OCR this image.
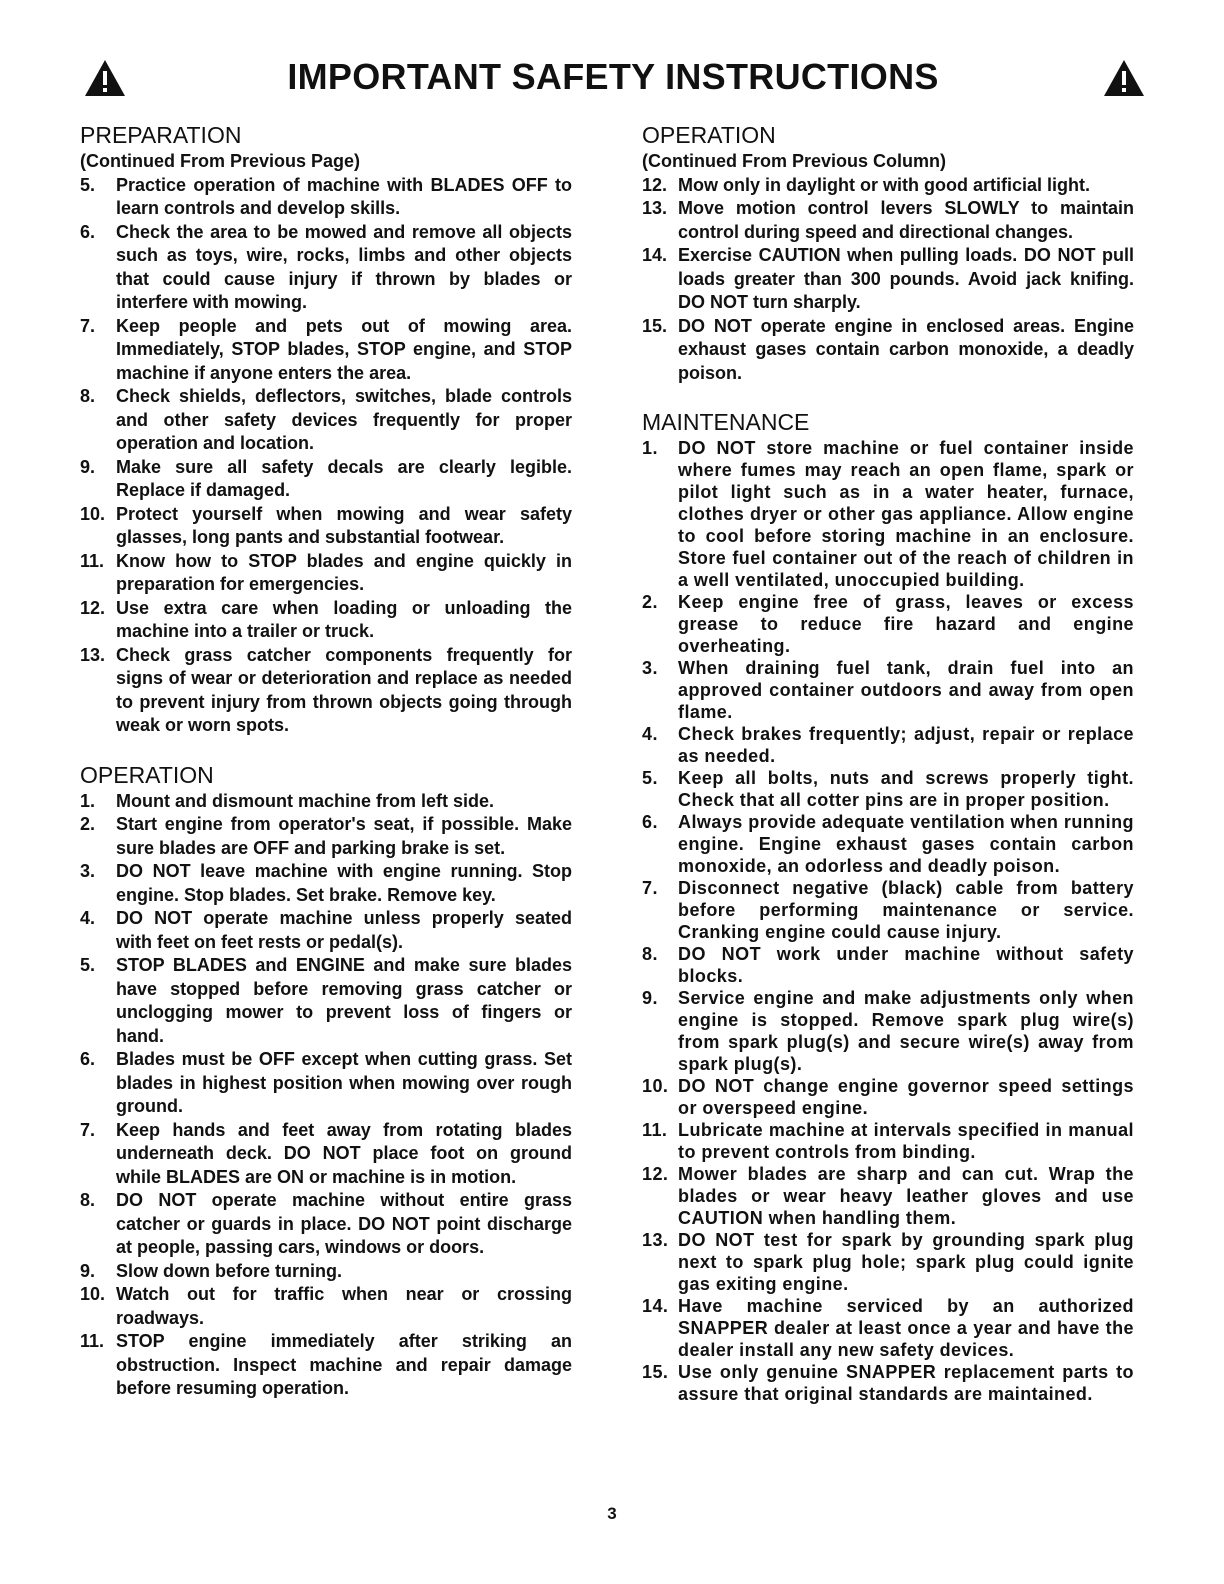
IMPORTANT SAFETY INSTRUCTIONS
PREPARATION
(Continued From Previous Page)
5. Practice operation of machine with BLADES OFF to learn controls and develop skills.
6. Check the area to be mowed and remove all objects such as toys, wire, rocks, limbs and other objects that could cause injury if thrown by blades or interfere with mowing.
7. Keep people and pets out of mowing area. Immediately, STOP blades, STOP engine, and STOP machine if anyone enters the area.
8. Check shields, deflectors, switches, blade controls and other safety devices frequently for proper operation and location.
9. Make sure all safety decals are clearly legible. Replace if damaged.
10. Protect yourself when mowing and wear safety glasses, long pants and substantial footwear.
11. Know how to STOP blades and engine quickly in preparation for emergencies.
12. Use extra care when loading or unloading the machine into a trailer or truck.
13. Check grass catcher components frequently for signs of wear or deterioration and replace as needed to prevent injury from thrown objects going through weak or worn spots.
OPERATION
1. Mount and dismount machine from left side.
2. Start engine from operator's seat, if possible. Make sure blades are OFF and parking brake is set.
3. DO NOT leave machine with engine running. Stop engine. Stop blades. Set brake. Remove key.
4. DO NOT operate machine unless properly seated with feet on feet rests or pedal(s).
5. STOP BLADES and ENGINE and make sure blades have stopped before removing grass catcher or unclogging mower to prevent loss of fingers or hand.
6. Blades must be OFF except when cutting grass. Set blades in highest position when mowing over rough ground.
7. Keep hands and feet away from rotating blades underneath deck. DO NOT place foot on ground while BLADES are ON or machine is in motion.
8. DO NOT operate machine without entire grass catcher or guards in place. DO NOT point discharge at people, passing cars, windows or doors.
9. Slow down before turning.
10. Watch out for traffic when near or crossing roadways.
11. STOP engine immediately after striking an obstruction. Inspect machine and repair damage before resuming operation.
OPERATION
(Continued From Previous Column)
12. Mow only in daylight or with good artificial light.
13. Move motion control levers SLOWLY to maintain control during speed and directional changes.
14. Exercise CAUTION when pulling loads. DO NOT pull loads greater than 300 pounds. Avoid jack knifing. DO NOT turn sharply.
15. DO NOT operate engine in enclosed areas. Engine exhaust gases contain carbon monoxide, a deadly poison.
MAINTENANCE
1. DO NOT store machine or fuel container inside where fumes may reach an open flame, spark or pilot light such as in a water heater, furnace, clothes dryer or other gas appliance. Allow engine to cool before storing machine in an enclosure. Store fuel container out of the reach of children in a well ventilated, unoccupied building.
2. Keep engine free of grass, leaves or excess grease to reduce fire hazard and engine overheating.
3. When draining fuel tank, drain fuel into an approved container outdoors and away from open flame.
4. Check brakes frequently; adjust, repair or replace as needed.
5. Keep all bolts, nuts and screws properly tight. Check that all cotter pins are in proper position.
6. Always provide adequate ventilation when running engine. Engine exhaust gases contain carbon monoxide, an odorless and deadly poison.
7. Disconnect negative (black) cable from battery before performing maintenance or service. Cranking engine could cause injury.
8. DO NOT work under machine without safety blocks.
9. Service engine and make adjustments only when engine is stopped. Remove spark plug wire(s) from spark plug(s) and secure wire(s) away from spark plug(s).
10. DO NOT change engine governor speed settings or overspeed engine.
11. Lubricate machine at intervals specified in manual to prevent controls from binding.
12. Mower blades are sharp and can cut. Wrap the blades or wear heavy leather gloves and use CAUTION when handling them.
13. DO NOT test for spark by grounding spark plug next to spark plug hole; spark plug could ignite gas exiting engine.
14. Have machine serviced by an authorized SNAPPER dealer at least once a year and have the dealer install any new safety devices.
15. Use only genuine SNAPPER replacement parts to assure that original standards are maintained.
3
